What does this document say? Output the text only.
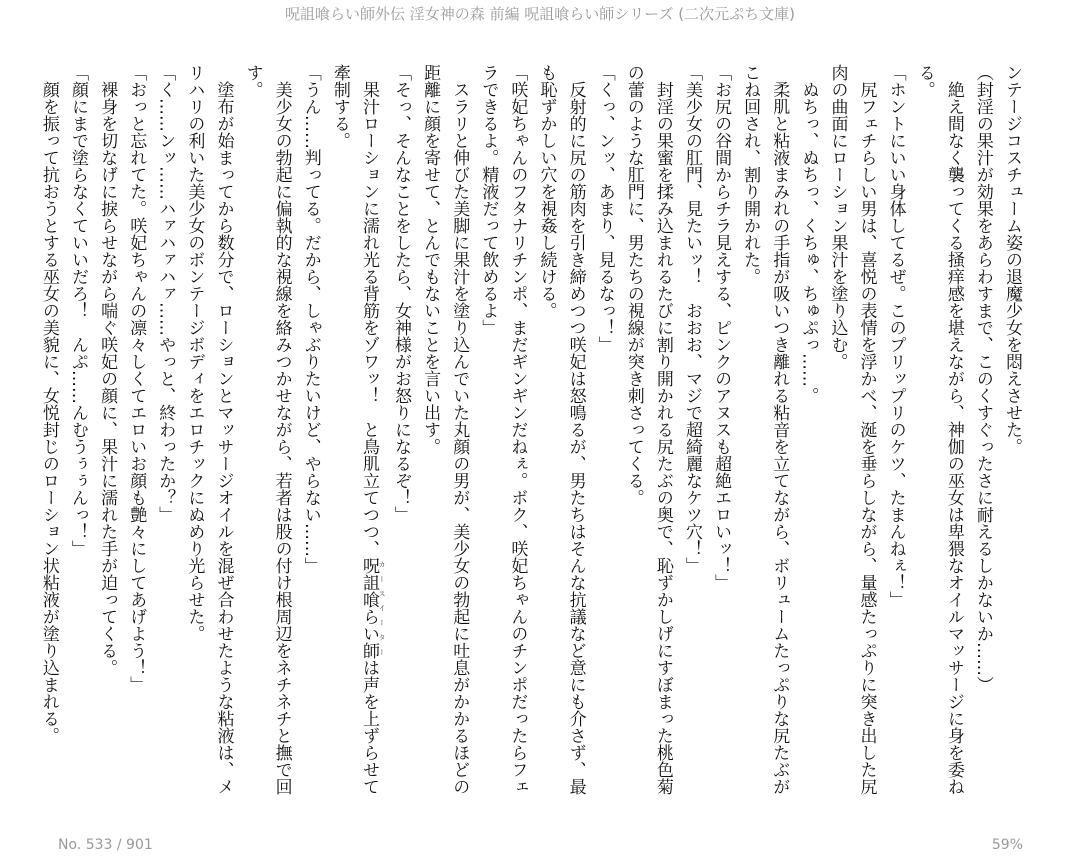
呪詛喰らい師外伝 淫女神の森 前編 呪詛喰らい師シリーズ (二次元ぷち文庫)

ンテージコスチューム姿の退魔少女を悶えさせた。

（封淫の果汁が効果をあらわすまで、このくすぐったさに耐えるしかないか……）

　絶え間なく襲ってくる掻痒感を堪えながら、神伽の巫女は卑猥なオイルマッサージに身を委ねる。

「ホントにいい身体してるぜ。このプリップリのケツ、たまんねぇ！」

　尻フェチらしい男は、喜悦の表情を浮かべ、涎を垂らしながら、量感たっぷりに突き出した尻肉の曲面にローション果汁を塗り込む。

　ぬちっ、ぬちっ、くちゅ、ちゅぷっ……。

　柔肌と粘液まみれの手指が吸いつき離れる粘音を立てながら、ボリュームたっぷりな尻たぶがこね回され、割り開かれた。

「お尻の谷間からチラ見えする、ピンクのアヌスも超絶エロいッ！」

「美少女の肛門、見たいッ！　おおお、マジで超綺麗なケツ穴！」

　封淫の果蜜を揉み込まれるたびに割り開かれる尻たぶの奥で、恥ずかしげにすぼまった桃色菊の蕾のような肛門に、男たちの視線が突き刺さってくる。

「くっ、ンッ、あまり、見るなっ！」

　反射的に尻の筋肉を引き締めつつ咲妃は怒鳴るが、男たちはそんな抗議など意にも介さず、最も恥ずかしい穴を視姦し続ける。

「咲妃ちゃんのフタナリチンポ、まだギンギンだねぇ。ボク、咲妃ちゃんのチンポだったらフェラできるよ。精液だって飲めるよ」

　スラリと伸びた美脚に果汁を塗り込んでいた丸顔の男が、美少女の勃起に吐息がかかるほどの距離に顔を寄せて、とんでもないことを言い出す。

「そっ、そんなことをしたら、女神様がお怒りになるぞ！」

　果汁ローションに濡れ光る背筋をゾワッ！　と鳥肌立てつつ、呪詛喰らい師 カースイーターは声を上ずらせて牽制する。

「うん……判ってる。だから、しゃぶりたいけど、やらない……」

　美少女の勃起に偏執的な視線を絡みつかせながら、若者は股の付け根周辺をネチネチと撫で回す。

　塗布が始まってから数分で、ローションとマッサージオイルを混ぜ合わせたような粘液は、メリハリの利いた美少女のボンテージボディをエロチックにぬめり光らせた。

「く……ンッ……ハァハァハァ……やっと、終わったか？」

「おっと忘れてた。咲妃ちゃんの凛々しくてエロいお顔も艶々にしてあげよう！」

　裸身を切なげに捩らせながら喘ぐ咲妃の顔に、果汁に濡れた手が迫ってくる。

「顔にまで塗らなくていいだろ！　んぷ……んむうぅぅんっ！」

　顔を振って抗おうとする巫女の美貌に、女悦封じのローション状粘液が塗り込まれる。

No. 533 / 901	59%
